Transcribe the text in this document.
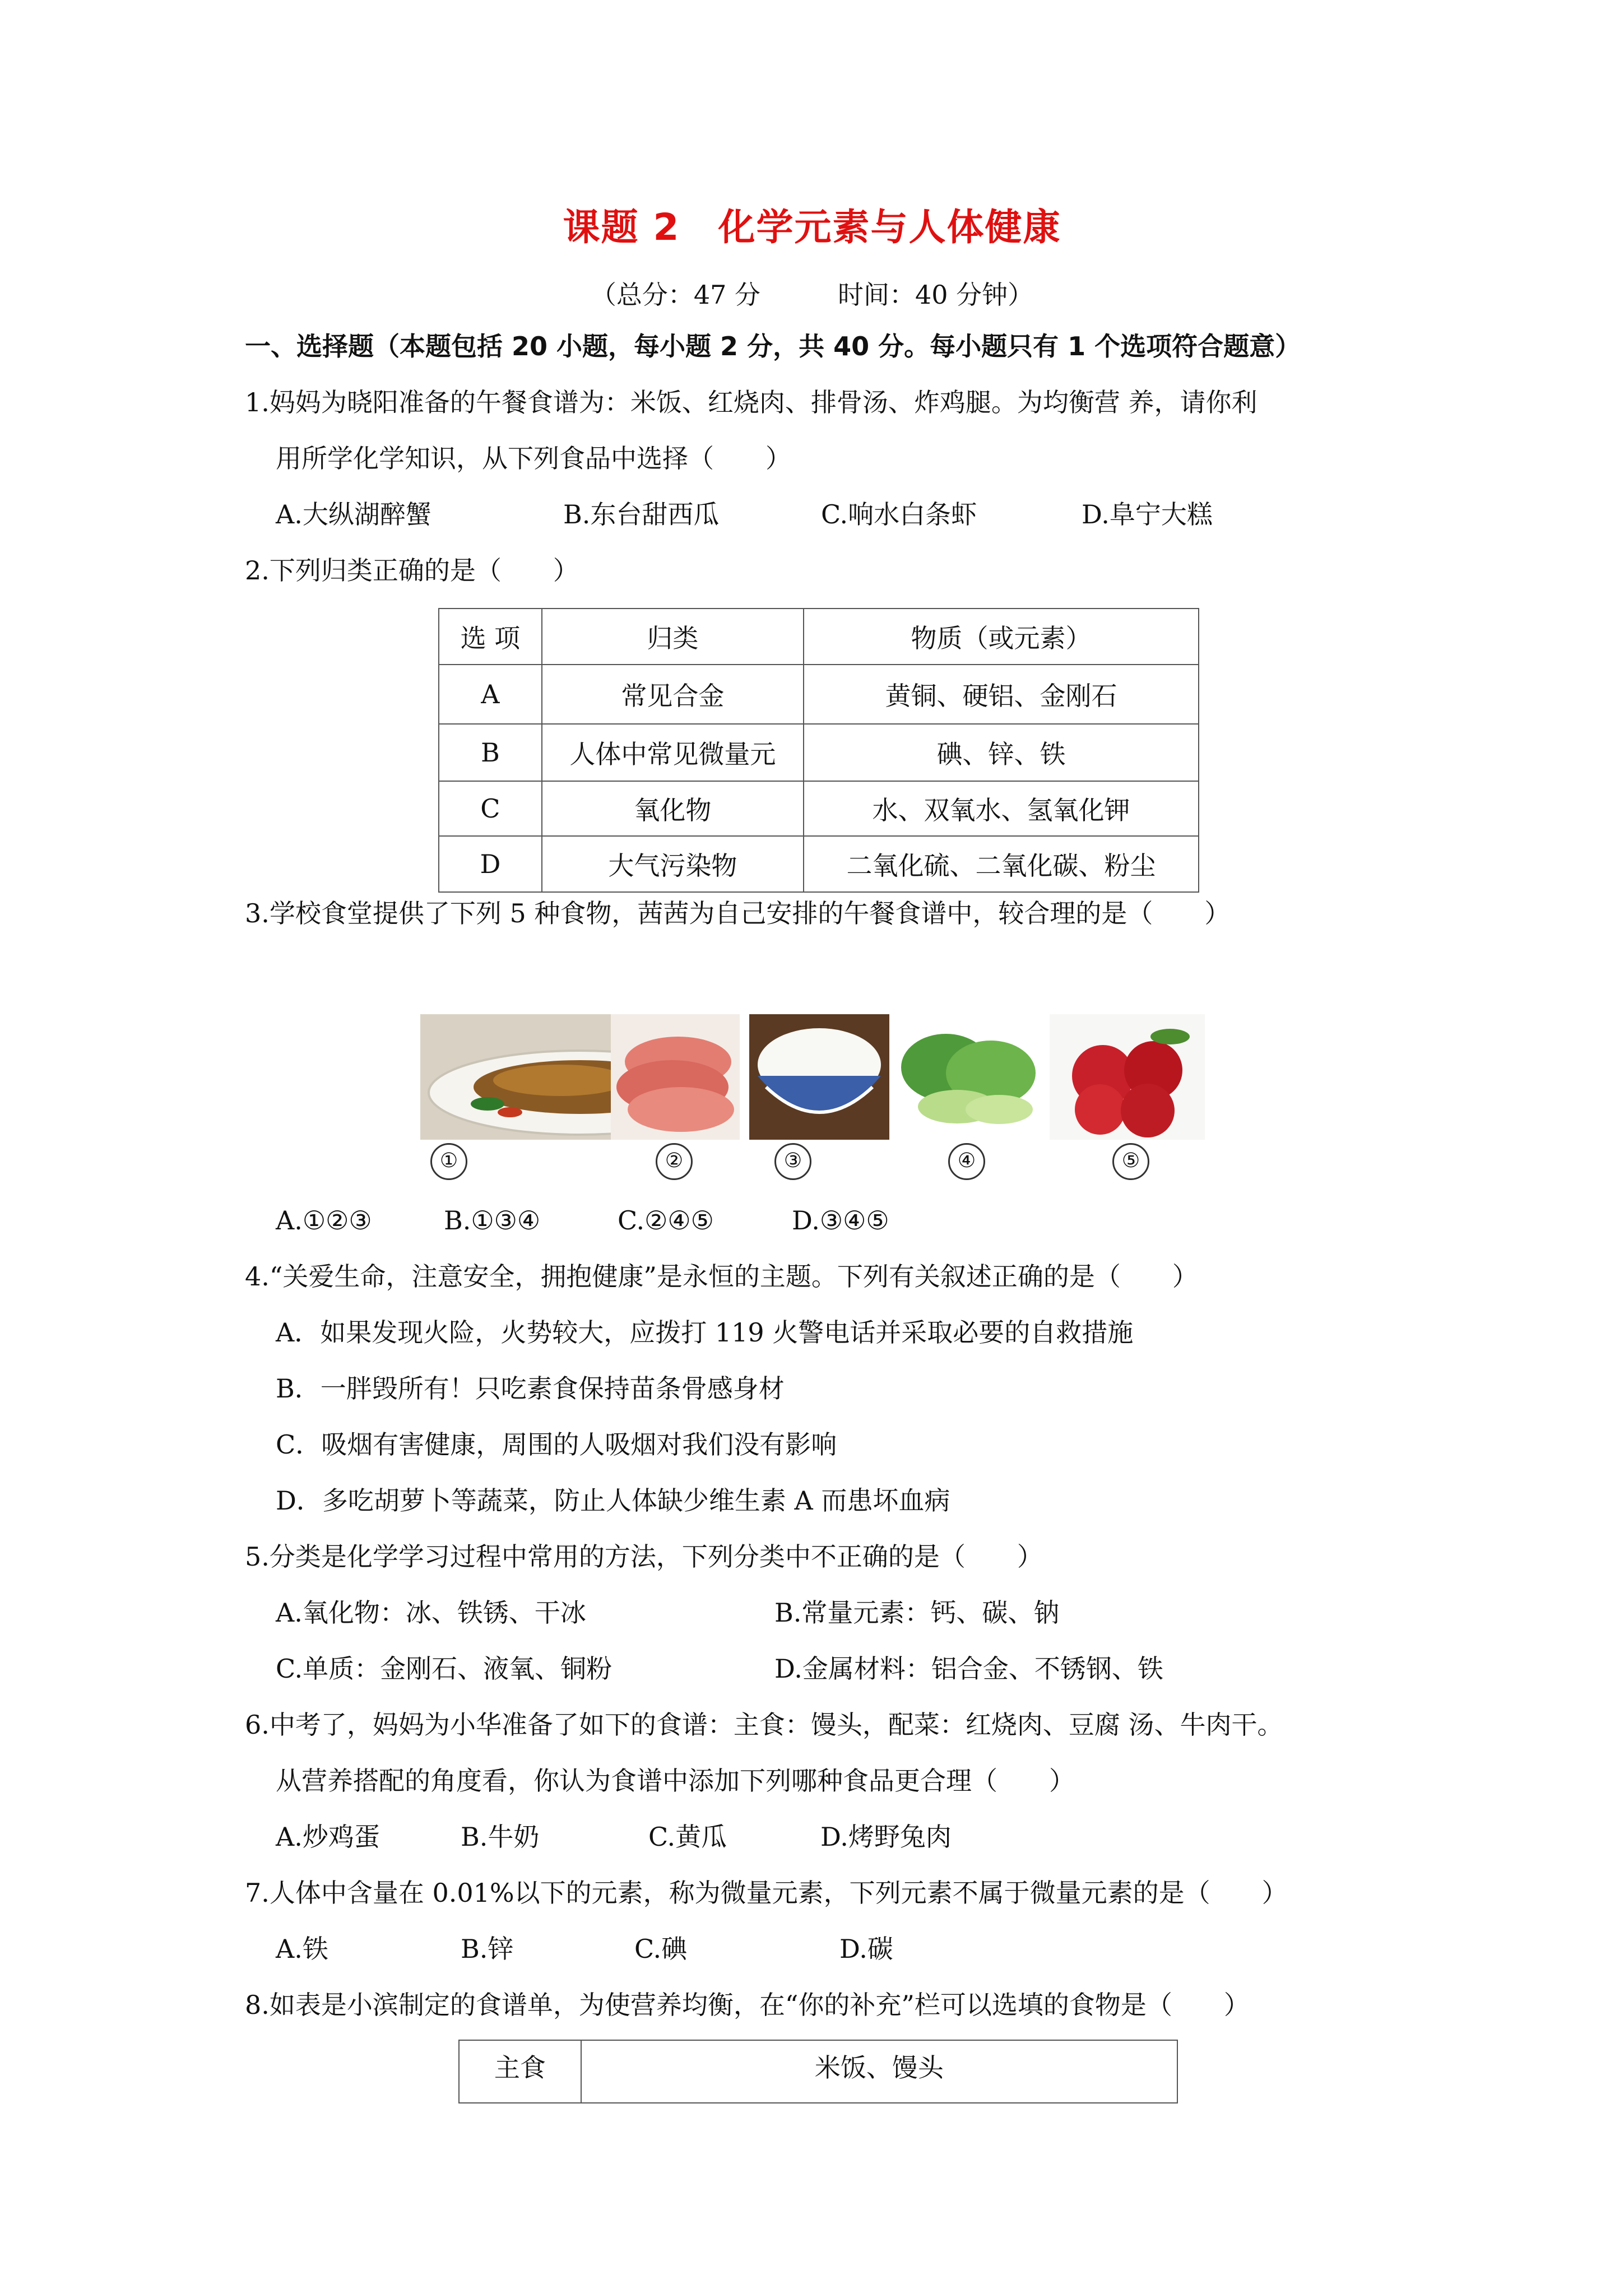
课题 2　化学元素与人体健康
（总分：47 分　　　时间：40 分钟）
一、选择题（本题包括 20 小题，每小题 2 分，共 40 分。每小题只有 1 个选项符合题意）
1.妈妈为晓阳准备的午餐食谱为：米饭、红烧肉、排骨汤、炸鸡腿。为均衡营 养，请你利
用所学化学知识，从下列食品中选择（　　）
A.大纵湖醉蟹	B.东台甜西瓜	C.响水白条虾	D.阜宁大糕
2.下列归类正确的是（　　）
选 项	归类	物质（或元素）
A	常见合金	黄铜、硬铝、金刚石
B	人体中常见微量元	碘、锌、铁
C	氧化物	水、双氧水、氢氧化钾
D	大气污染物	二氧化硫、二氧化碳、粉尘
3.学校食堂提供了下列 5 种食物，茜茜为自己安排的午餐食谱中，较合理的是（　　）
①	②	③	④	⑤
A.①②③	B.①③④	C.②④⑤	D.③④⑤
4.“关爱生命，注意安全，拥抱健康”是永恒的主题。下列有关叙述正确的是（　　）
A．如果发现火险，火势较大，应拨打 119 火警电话并采取必要的自救措施
B．一胖毁所有！只吃素食保持苗条骨感身材
C．吸烟有害健康，周围的人吸烟对我们没有影响
D．多吃胡萝卜等蔬菜，防止人体缺少维生素 A 而患坏血病
5.分类是化学学习过程中常用的方法，下列分类中不正确的是（　　）
A.氧化物：冰、铁锈、干冰	B.常量元素：钙、碳、钠
C.单质：金刚石、液氧、铜粉	D.金属材料：铝合金、不锈钢、铁
6.中考了，妈妈为小华准备了如下的食谱：主食：馒头，配菜：红烧肉、豆腐 汤、牛肉干。
从营养搭配的角度看，你认为食谱中添加下列哪种食品更合理（　　）
A.炒鸡蛋	B.牛奶	C.黄瓜	D.烤野兔肉
7.人体中含量在 0.01%以下的元素，称为微量元素，下列元素不属于微量元素的是（　　）
A.铁	B.锌	C.碘	D.碳
8.如表是小滨制定的食谱单，为使营养均衡，在“你的补充”栏可以选填的食物是（　　）
主食	米饭、馒头
